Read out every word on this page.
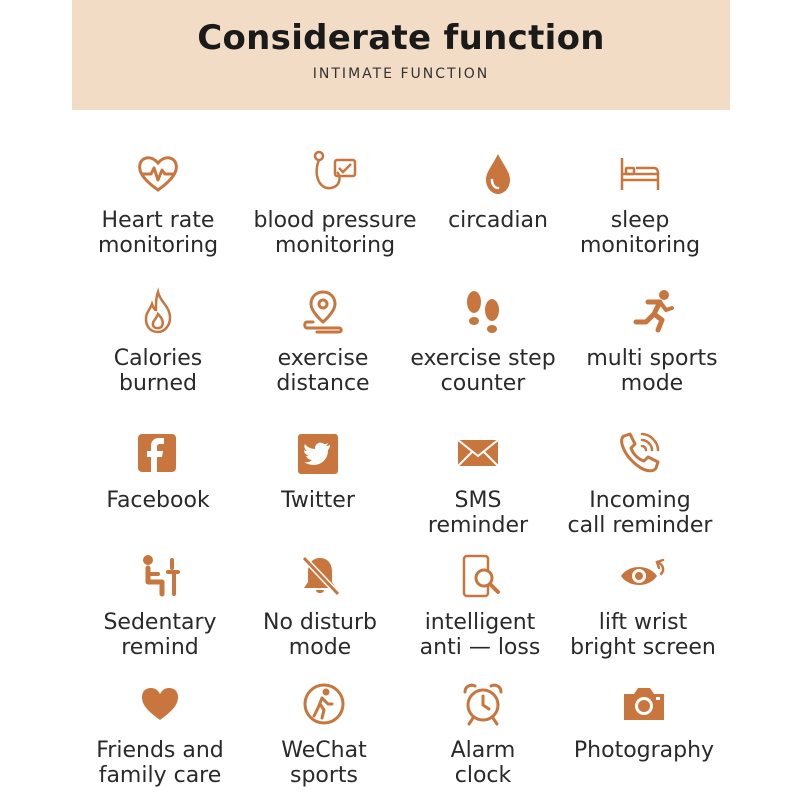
Considerate function
INTIMATE FUNCTION
Heart rate
monitoring
blood pressure
monitoring
circadian	sleep
monitoring
Calories
burned
exercise
distance
exercise step
counter
multi sports
mode
Facebook	Twitter	SMS
reminder
Incoming
call reminder
Sedentary
remind
No disturb
mode
intelligent
anti — loss
lift wrist
bright screen
Friends and
family care
WeChat
sports
Alarm
clock
Photography
